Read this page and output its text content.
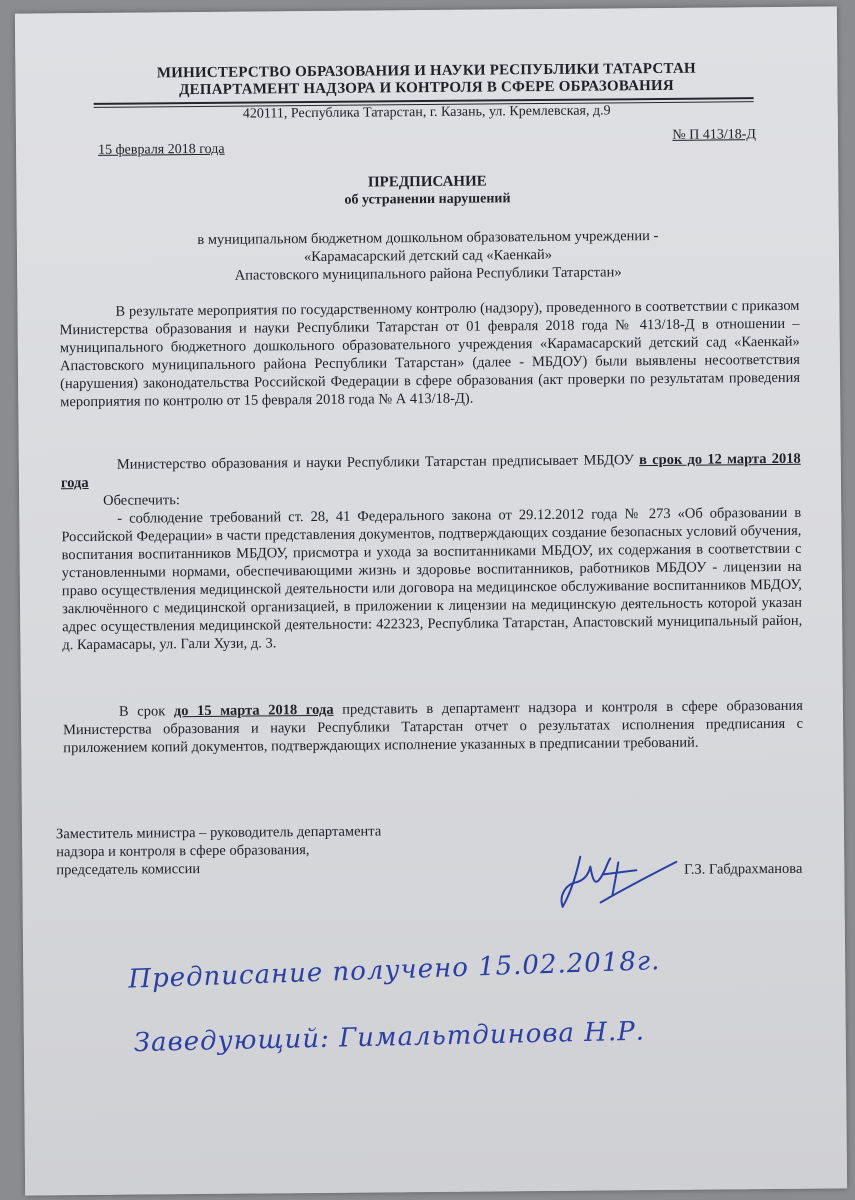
МИНИСТЕРСТВО ОБРАЗОВАНИЯ И НАУКИ РЕСПУБЛИКИ ТАТАРСТАН
ДЕПАРТАМЕНТ НАДЗОРА И КОНТРОЛЯ В СФЕРЕ ОБРАЗОВАНИЯ
420111, Республика Татарстан, г. Казань, ул. Кремлевская, д.9
15 февраля 2018 года
№ П 413/18-Д
ПРЕДПИСАНИЕ
об устранении нарушений
в муниципальном бюджетном дошкольном образовательном учреждении -
«Карамасарский детский сад «Каенкай»
Апастовского муниципального района Республики Татарстан»
В результате мероприятия по государственному контролю (надзору), проведенного в соответствии с приказом Министерства образования и науки Республики Татарстан от 01 февраля 2018 года № 413/18-Д в отношении – муниципального бюджетного дошкольного образовательного учреждения «Карамасарский детский сад «Каенкай» Апастовского муниципального района Республики Татарстан» (далее - МБДОУ) были выявлены несоответствия (нарушения) законодательства Российской Федерации в сфере образования (акт проверки по результатам проведения мероприятия по контролю от 15 февраля 2018 года № А 413/18-Д).
Министерство образования и науки Республики Татарстан предписывает МБДОУ в срок до 12 марта 2018 года
Обеспечить:
- соблюдение требований ст. 28, 41 Федерального закона от 29.12.2012 года № 273 «Об образовании в Российской Федерации» в части представления документов, подтверждающих создание безопасных условий обучения, воспитания воспитанников МБДОУ, присмотра и ухода за воспитанниками МБДОУ, их содержания в соответствии с установленными нормами, обеспечивающими жизнь и здоровье воспитанников, работников МБДОУ - лицензии на право осуществления медицинской деятельности или договора на медицинское обслуживание воспитанников МБДОУ, заключённого с медицинской организацией, в приложении к лицензии на медицинскую деятельность которой указан адрес осуществления медицинской деятельности: 422323, Республика Татарстан, Апастовский муниципальный район, д. Карамасары, ул. Гали Хузи, д. 3.
В срок до 15 марта 2018 года представить в департамент надзора и контроля в сфере образования Министерства образования и науки Республики Татарстан отчет о результатах исполнения предписания с приложением копий документов, подтверждающих исполнение указанных в предписании требований.
Заместитель министра – руководитель департамента
надзора и контроля в сфере образования,
председатель комиссии	Г.З. Габдрахманова
Предписание получено 15.02.2018г.
Заведующий: Гимальтдинова Н.Р.
